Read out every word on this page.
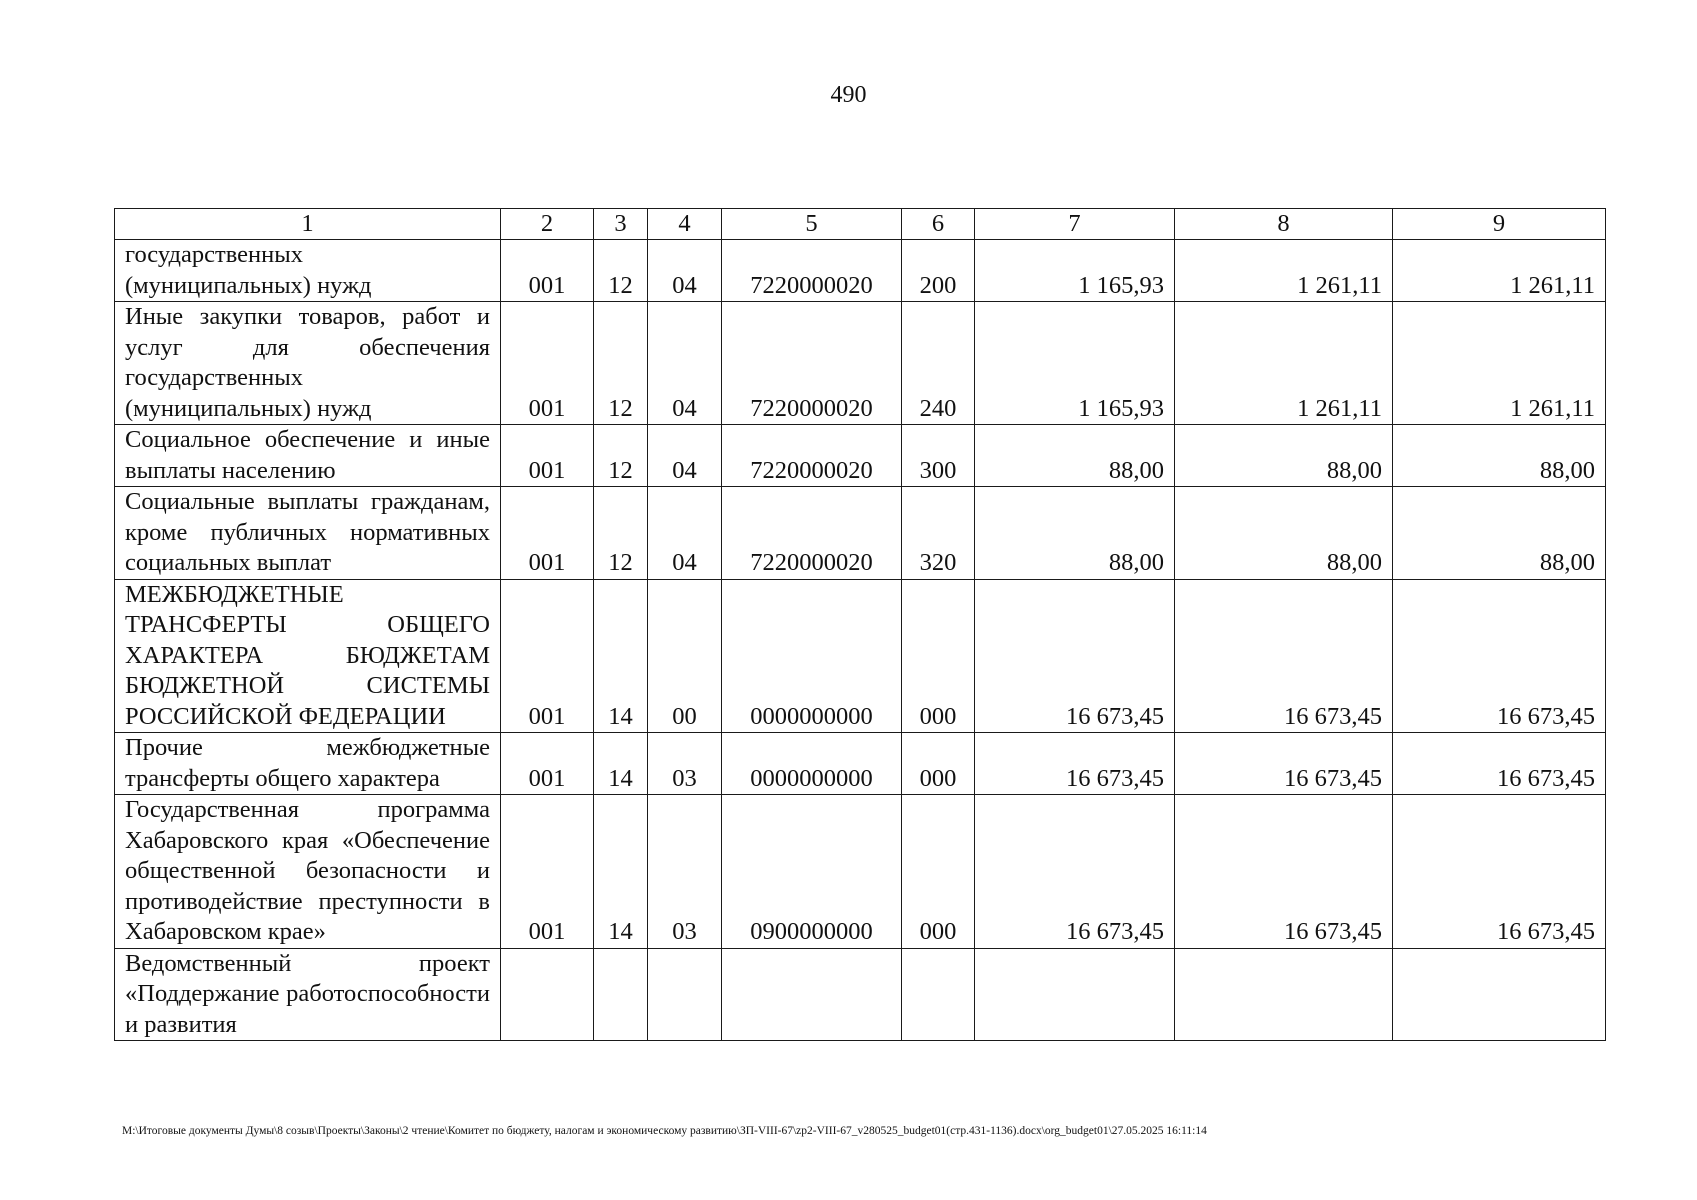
490
1	2	3	4	5	6	7	8	9
государственных (муниципальных) нужд	001	12	04	7220000020	200	1 165,93	1 261,11	1 261,11
Иные закупки товаров, работ и услуг для обеспечения государственных (муниципальных) нужд	001	12	04	7220000020	240	1 165,93	1 261,11	1 261,11
Социальное обеспечение и иные выплаты населению	001	12	04	7220000020	300	88,00	88,00	88,00
Социальные выплаты гражданам, кроме публичных нормативных социальных выплат	001	12	04	7220000020	320	88,00	88,00	88,00
МЕЖБЮДЖЕТНЫЕ ТРАНСФЕРТЫ ОБЩЕГО ХАРАКТЕРА БЮДЖЕТАМ БЮДЖЕТНОЙ СИСТЕМЫ РОССИЙСКОЙ ФЕДЕРАЦИИ	001	14	00	0000000000	000	16 673,45	16 673,45	16 673,45
Прочие межбюджетные трансферты общего характера	001	14	03	0000000000	000	16 673,45	16 673,45	16 673,45
Государственная программа Хабаровского края «Обеспечение общественной безопасности и противодействие преступности в Хабаровском крае»	001	14	03	0900000000	000	16 673,45	16 673,45	16 673,45
Ведомственный проект «Поддержание работоспособности и развития								
M:\Итоговые документы Думы\8 созыв\Проекты\Законы\2 чтение\Комитет по бюджету, налогам и экономическому развитию\ЗП-VIII-67\zp2-VIII-67_v280525_budget01(стр.431-1136).docx\org_budget01\27.05.2025 16:11:14
